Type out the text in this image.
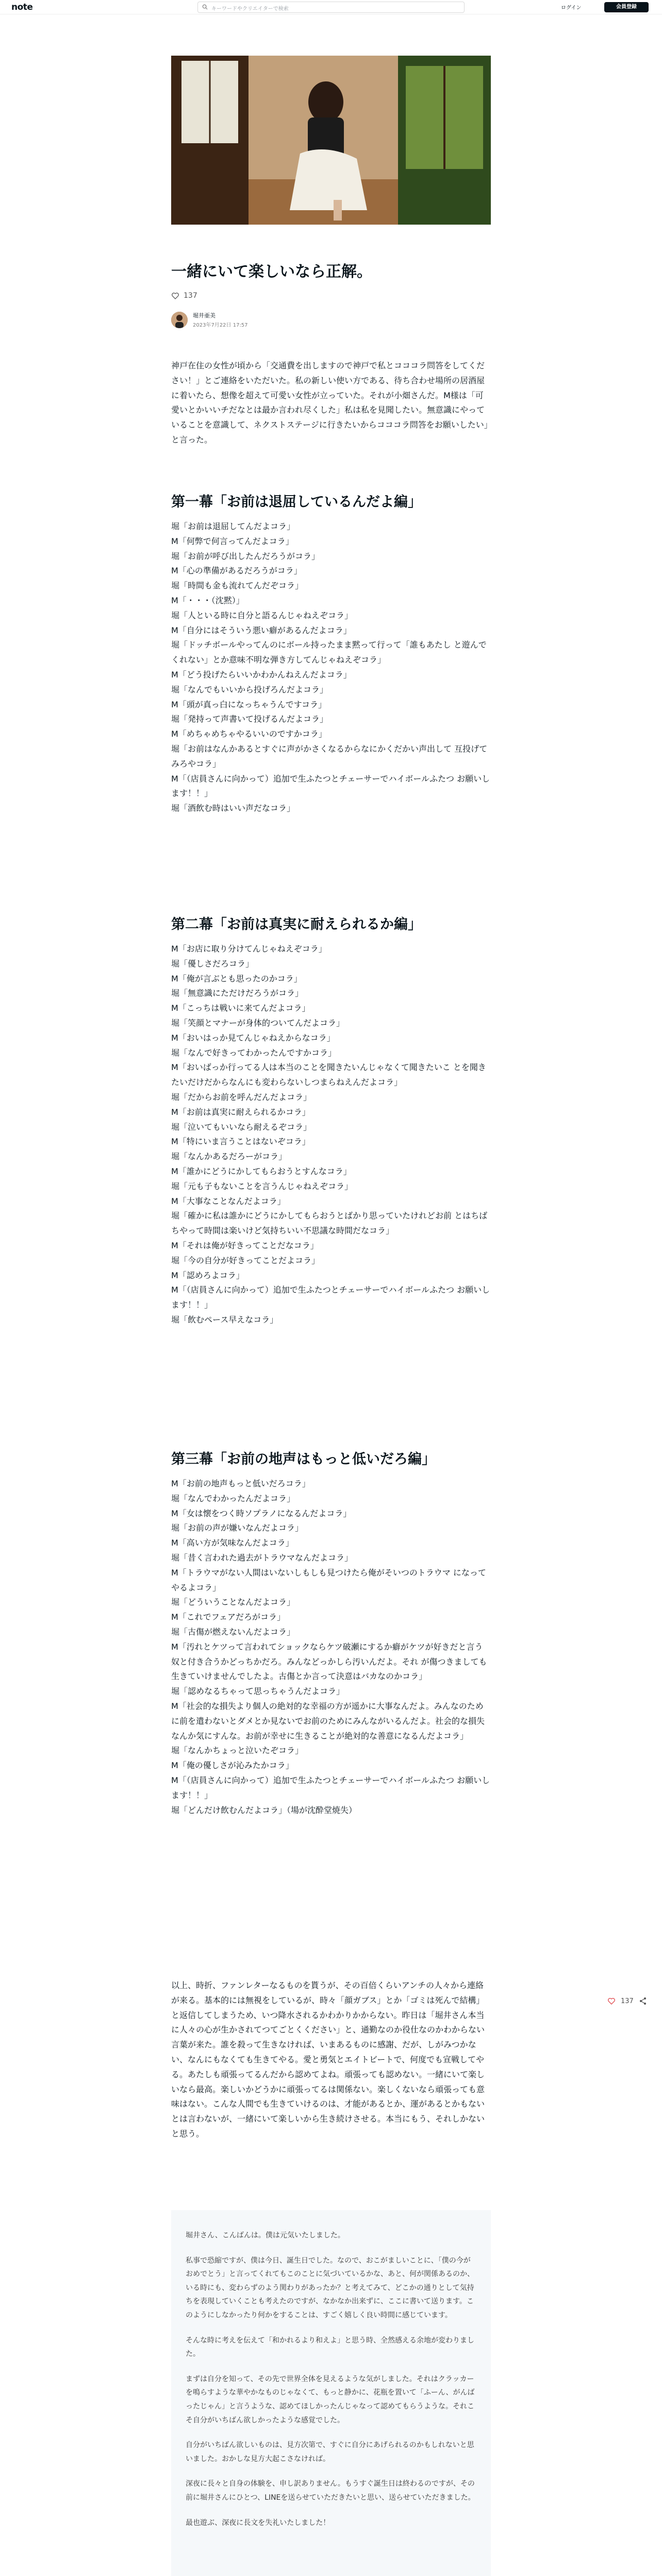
note	キーワードやクリエイターで検索	ログイン	会員登録
一緒にいて楽しいなら正解。
137
堀井亜美
2023年7月22日 17:57
神戸在住の女性が頃から「交通費を出しますので神戸で私とコココラ問答をしてください！」とご連絡をいただいた。私の新しい使い方である、待ち合わせ場所の居酒屋に着いたら、想像を超えて可愛い女性が立っていた。それが小畑さんだ。M様は「可愛いとかいいチだなとは最か言われ尽くした」私は私を見聞したい。無意識にやっていることを意識して、ネクストステージに行きたいからコココラ問答をお願いしたい」と言った。
第一幕「お前は退屈しているんだよ編」
堀「お前は退屈してんだよコラ」
M「何弊で何言ってんだよコラ」
堀「お前が呼び出したんだろうがコラ」
M「心の準備があるだろうがコラ」
堀「時間も金も流れてんだぞコラ」
M「・・・（沈黙）」
堀「人といる時に自分と語るんじゃねえぞコラ」
M「自分にはそういう悪い癖があるんだよコラ」
堀「ドッチボールやってんのにボール持ったまま黙って行って「誰もあたし と遊んでくれない」とか意味不明な弾き方してんじゃねえぞコラ」
M「どう投げたらいいかわかんねえんだよコラ」
堀「なんでもいいから投げろんだよコラ」
M「頭が真っ白になっちゃうんですコラ」
堀「発持って声書いて投げるんだよコラ」
M「めちゃめちゃやるいいのですかコラ」
堀「お前はなんかあるとすぐに声がかさくなるからなにかくだかい声出して 互投げてみろやコラ」
M「（店員さんに向かって）追加で生ふたつとチェーサーでハイボールふたつ お願いします！！」
堀「酒飲む時はいい声だなコラ」
第二幕「お前は真実に耐えられるか編」
M「お店に取り分けてんじゃねえぞコラ」
堀「優しさだろコラ」
M「俺が言ぶとも思ったのかコラ」
堀「無意識にただけだろうがコラ」
M「こっちは戦いに来てんだよコラ」
堀「笑顔とマナーが身体的ついてんだよコラ」
M「おいはっか見てんじゃねえからなコラ」
堀「なんで好きってわかったんですかコラ」
M「おいばっか行ってる人は本当のことを聞きたいんじゃなくて聞きたいこ とを聞きたいだけだからなんにも変わらないしつまらねえんだよコラ」
堀「だからお前を呼んだんだよコラ」
M「お前は真実に耐えられるかコラ」
堀「泣いてもいいなら耐えるぞコラ」
M「特にいま言うことはないぞコラ」
堀「なんかあるだろーがコラ」
M「誰かにどうにかしてもらおうとすんなコラ」
堀「元も子もないことを言うんじゃねえぞコラ」
M「大事なことなんだよコラ」
堀「確かに私は誰かにどうにかしてもらおうとばかり思っていたけれどお前 とはちばちやって時間は楽いけど気持ちいい不思議な時間だなコラ」
M「それは俺が好きってことだなコラ」
堀「今の自分が好きってことだよコラ」
M「認めろよコラ」
M「（店員さんに向かって）追加で生ふたつとチェーサーでハイボールふたつ お願いします！！」
堀「飲むペース早えなコラ」
第三幕「お前の地声はもっと低いだろ編」
M「お前の地声もっと低いだろコラ」
堀「なんでわかったんだよコラ」
M「女は懐をつく時ソプラノになるんだよコラ」
堀「お前の声が嫌いなんだよコラ」
M「高い方が気味なんだよコラ」
堀「昔く言われた過去がトラウマなんだよコラ」
M「トラウマがない人間はいないしもしも見つけたら俺がそいつのトラウマ になってやるよコラ」
堀「どういうことなんだよコラ」
M「これでフェアだろがコラ」
堀「古傷が燃えないんだよコラ」
M「汚れとケツって言われてショックならケツ破瀬にするか癖がケツが好きだと言う奴と付き合うかどっちかだろ。みんなどっかしら汚いんだよ。それ が傷つきましても生きていけませんでしたよ。古傷とか言って決意はバカなのかコラ」
堀「認めなるちゃって思っちゃうんだよコラ」
M「社会的な損失より個人の絶対的な幸福の方が遥かに大事なんだよ。みんなのために前を遣わないとダメとか見ないでお前のためにみんながいるんだよ。社会的な損失なんか気にすんな。お前が幸せに生きることが絶対的な善意になるんだよコラ」
堀「なんかちょっと泣いたぞコラ」
M「俺の優しさが沁みたかコラ」
M「（店員さんに向かって）追加で生ふたつとチェーサーでハイボールふたつ お願いします！！」
堀「どんだけ飲むんだよコラ」（場が沈酔堂焼失）
以上、時折、ファンレターなるものを貰うが、その百倍くらいアンチの人々から連絡が来る。基本的には無視をしているが、時々「顔ガブス」とか「ゴミは死んで結構」と返信してしまうため、いつ降水されるかわかりかからない。昨日は「堀井さん本当に人々の心が生かされてつてごとくください」と、通勤なのか役仕なのかわからない言葉が来た。誰を殺って生きなければ、いまあるものに感謝、だが、しがみつかない、なんにもなくても生きてやる。愛と勇気とエイトビートで、何度でも宣戦してやる。あたしも頑張ってるんだから認めてよね。頑張っても認めない。一緒にいて楽しいなら最高。楽しいかどうかに頑張ってるは関係ない。楽しくないなら頑張っても意味はない。こんな人間でも生きていけるのは、才能があるとか、運があるとかもないとは言わないが、一緒にいて楽しいから生き続けさせる。本当にもう、それしかないと思う。
137

堀井さん、こんばんは。僕は元気いたしました。

私事で恐縮ですが、僕は今日、誕生日でした。なので、おこがましいことに、「僕の今がおめでとう」と言ってくれてもこのことに気づいているかな、あと、何が関係あるのか、いる時にも、変わらずのよう関わりがあったか？と考えてみて、どこかの通りとして気持ちを表現していくことも考えたのですが、なかなか出来ずに、ここに書いて送ります。このようにしなかったり何かをすることは、すごく嬉しく良い時間に感じています。

そんな時に考えを伝えて「和かれるより和えよ」と思う時、全然感える余地が変わりました。

まずは自分を知って、その先で世界全体を見えるような気がしました。それはクラッカーを鳴らすような華やかなものじゃなくて、もっと静かに、花瓶を置いて「ふーん、がんばったじゃん」と言うような、認めてほしかったんじゃなって認めてもらうような。それこそ自分がいちばん欲しかったような感覚でした。

自分がいちばん欲しいものは、見方次第で、すぐに自分にあげられるのかもしれないと思いました。おかしな見方大起こさなければ。

深夜に長々と自身の体験を、申し訳ありません。もうすぐ誕生日は終わるのですが、その前に堀井さんにひとつ、LINEを送らせていただきたいと思い、送らせていただきました。

最也遊ぶ、深夜に長文を失礼いたしました！
